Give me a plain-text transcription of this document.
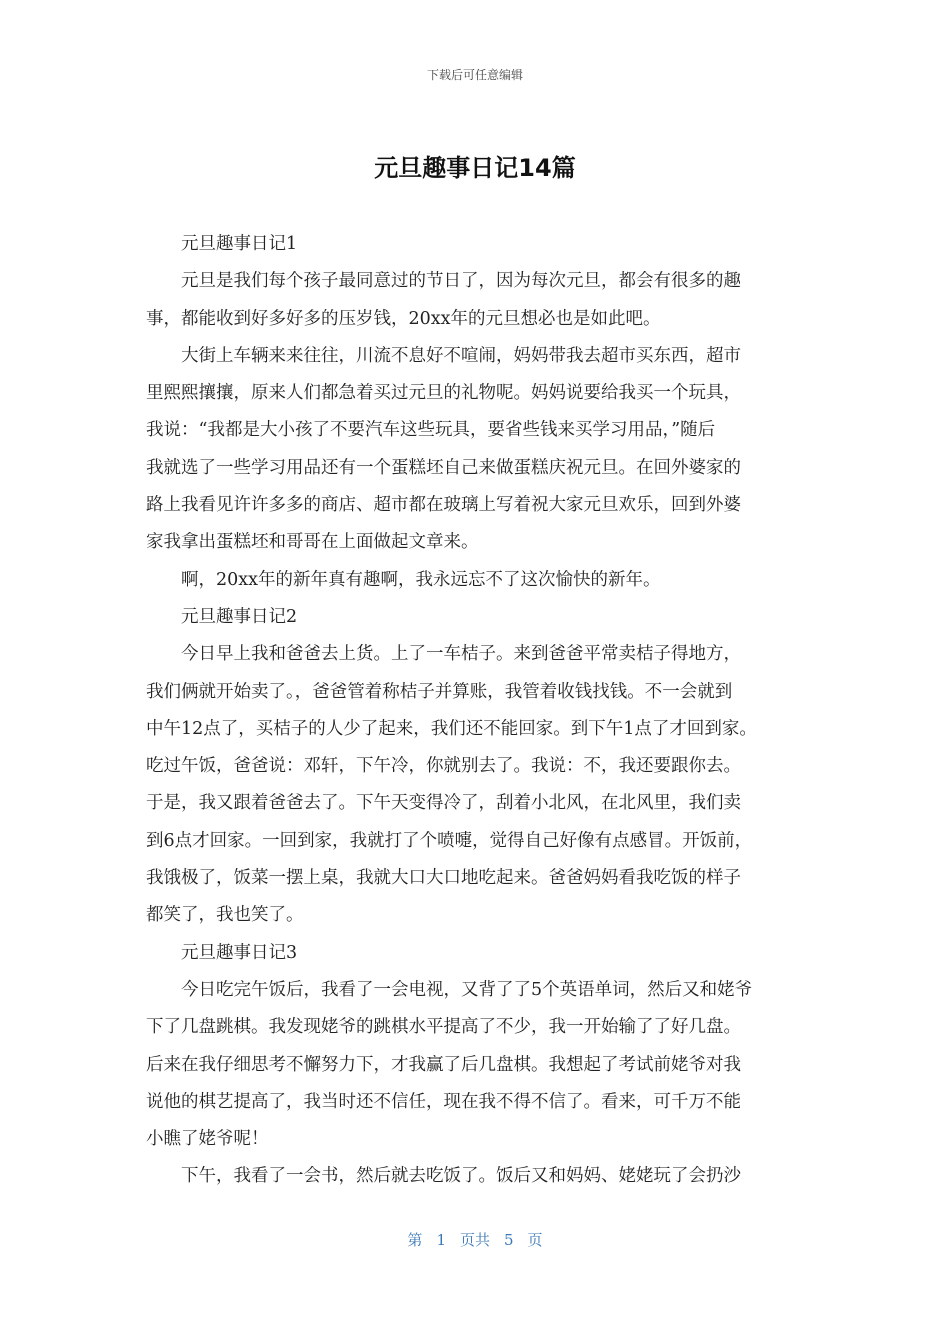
下载后可任意编辑
元旦趣事日记14篇

元旦趣事日记1

元旦是我们每个孩子最同意过的节日了，因为每次元旦，都会有很多的趣
事，都能收到好多好多的压岁钱，20xx年的元旦想必也是如此吧。

大街上车辆来来往往，川流不息好不喧闹，妈妈带我去超市买东西，超市
里熙熙攘攘，原来人们都急着买过元旦的礼物呢。妈妈说要给我买一个玩具，
我说：“我都是大小孩了不要汽车这些玩具，要省些钱来买学习用品，”随后
我就选了一些学习用品还有一个蛋糕坯自己来做蛋糕庆祝元旦。在回外婆家的
路上我看见许许多多的商店、超市都在玻璃上写着祝大家元旦欢乐，回到外婆
家我拿出蛋糕坯和哥哥在上面做起文章来。

啊，20xx年的新年真有趣啊，我永远忘不了这次愉快的新年。

元旦趣事日记2

今日早上我和爸爸去上货。上了一车桔子。来到爸爸平常卖桔子得地方，
我们俩就开始卖了。，爸爸管着称桔子并算账，我管着收钱找钱。不一会就到
中午12点了，买桔子的人少了起来，我们还不能回家。到下午1点了才回到家。
吃过午饭，爸爸说：邓轩，下午冷，你就别去了。我说：不，我还要跟你去。
于是，我又跟着爸爸去了。下午天变得冷了，刮着小北风，在北风里，我们卖
到6点才回家。一回到家，我就打了个喷嚏，觉得自己好像有点感冒。开饭前，
我饿极了，饭菜一摆上桌，我就大口大口地吃起来。爸爸妈妈看我吃饭的样子
都笑了，我也笑了。

元旦趣事日记3

今日吃完午饭后，我看了一会电视，又背了了5个英语单词，然后又和姥爷
下了几盘跳棋。我发现姥爷的跳棋水平提高了不少，我一开始输了了好几盘。
后来在我仔细思考不懈努力下，才我赢了后几盘棋。我想起了考试前姥爷对我
说他的棋艺提高了，我当时还不信任，现在我不得不信了。看来，可千万不能
小瞧了姥爷呢！

下午，我看了一会书，然后就去吃饭了。饭后又和妈妈、姥姥玩了会扔沙

第 1 页共 5 页
